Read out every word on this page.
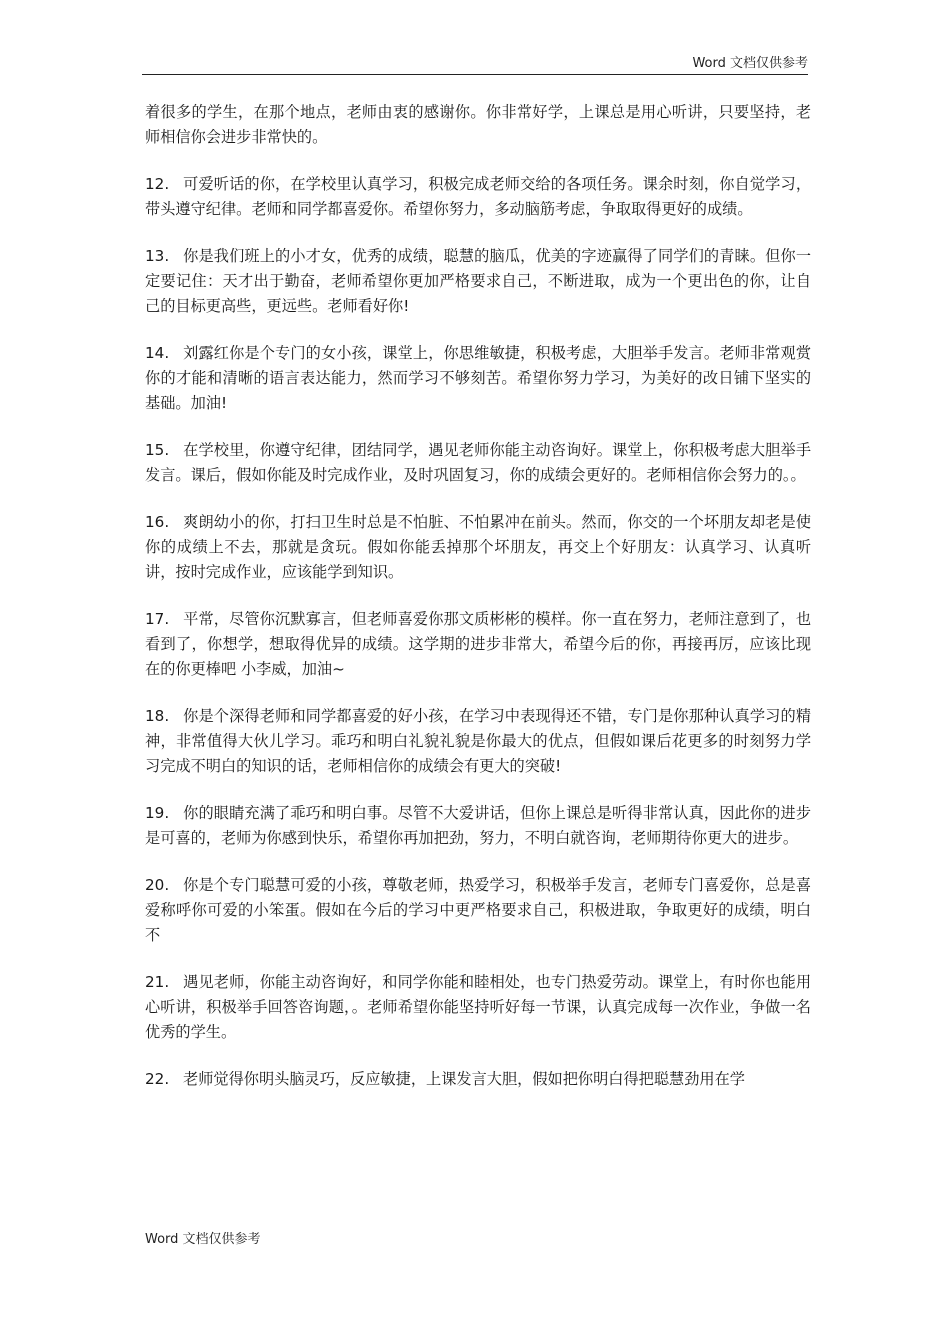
Word 文档仅供参考

着很多的学生，在那个地点，老师由衷的感谢你。你非常好学，上课总是用心听讲，只要坚持，老师相信你会进步非常快的。

12. 可爱听话的你，在学校里认真学习，积极完成老师交给的各项任务。课余时刻，你自觉学习，带头遵守纪律。老师和同学都喜爱你。希望你努力，多动脑筋考虑，争取取得更好的成绩。

13. 你是我们班上的小才女，优秀的成绩，聪慧的脑瓜，优美的字迹赢得了同学们的青睐。但你一定要记住：天才出于勤奋，老师希望你更加严格要求自己，不断进取，成为一个更出色的你，让自己的目标更高些，更远些。老师看好你!

14. 刘露红你是个专门的女小孩，课堂上，你思维敏捷，积极考虑，大胆举手发言。老师非常观赏你的才能和清晰的语言表达能力，然而学习不够刻苦。希望你努力学习，为美好的改日铺下坚实的基础。加油!

15. 在学校里，你遵守纪律，团结同学，遇见老师你能主动咨询好。课堂上，你积极考虑大胆举手发言。课后，假如你能及时完成作业，及时巩固复习，你的成绩会更好的。老师相信你会努力的。。

16. 爽朗幼小的你，打扫卫生时总是不怕脏、不怕累冲在前头。然而，你交的一个坏朋友却老是使你的成绩上不去，那就是贪玩。假如你能丢掉那个坏朋友，再交上个好朋友：认真学习、认真听讲，按时完成作业，应该能学到知识。

17. 平常，尽管你沉默寡言，但老师喜爱你那文质彬彬的模样。你一直在努力，老师注意到了，也看到了，你想学，想取得优异的成绩。这学期的进步非常大，希望今后的你，再接再厉，应该比现在的你更棒吧 小李威，加油~

18. 你是个深得老师和同学都喜爱的好小孩，在学习中表现得还不错，专门是你那种认真学习的精神，非常值得大伙儿学习。乖巧和明白礼貌礼貌是你最大的优点，但假如课后花更多的时刻努力学习完成不明白的知识的话，老师相信你的成绩会有更大的突破!

19. 你的眼睛充满了乖巧和明白事。尽管不大爱讲话，但你上课总是听得非常认真，因此你的进步是可喜的，老师为你感到快乐，希望你再加把劲，努力，不明白就咨询，老师期待你更大的进步。

20. 你是个专门聪慧可爱的小孩，尊敬老师，热爱学习，积极举手发言，老师专门喜爱你，总是喜爱称呼你可爱的小笨蛋。假如在今后的学习中更严格要求自己，积极进取，争取更好的成绩，明白不

21. 遇见老师，你能主动咨询好，和同学你能和睦相处，也专门热爱劳动。课堂上，有时你也能用心听讲，积极举手回答咨询题，。老师希望你能坚持听好每一节课，认真完成每一次作业，争做一名优秀的学生。

22. 老师觉得你明头脑灵巧，反应敏捷，上课发言大胆，假如把你明白得把聪慧劲用在学

Word 文档仅供参考
